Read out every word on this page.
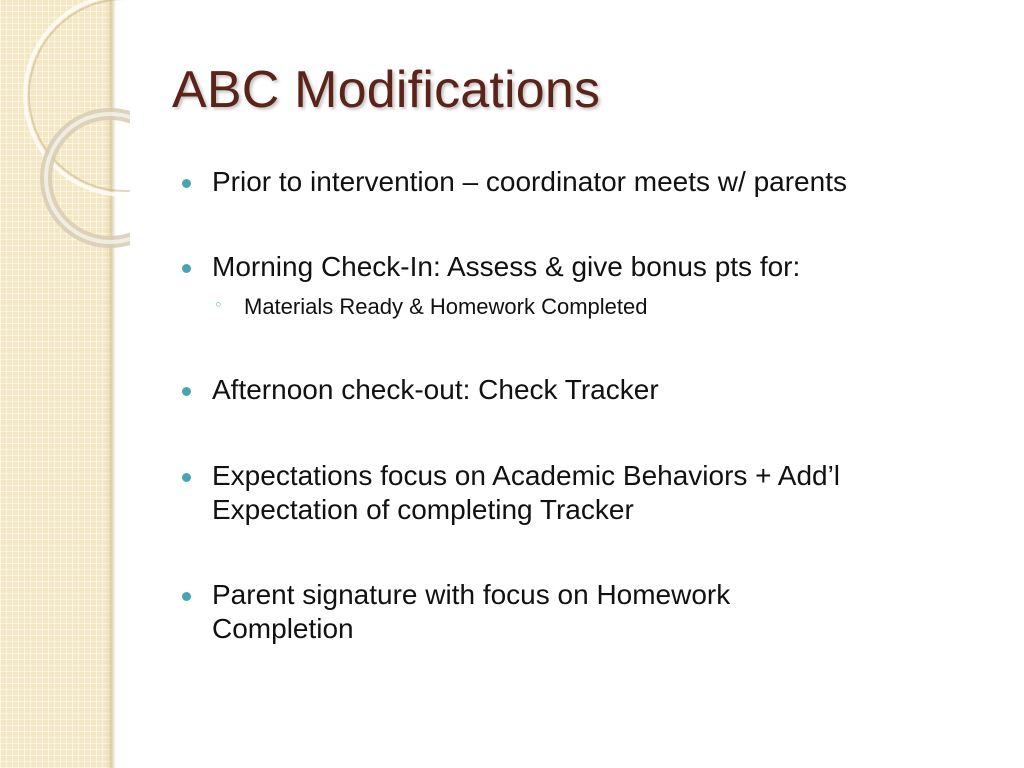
ABC Modifications
Prior to intervention – coordinator meets w/ parents
Morning Check-In: Assess & give bonus pts for:
◦ Materials Ready & Homework Completed
Afternoon check-out: Check Tracker
Expectations focus on Academic Behaviors + Add’l Expectation of completing Tracker
Parent signature with focus on Homework Completion
